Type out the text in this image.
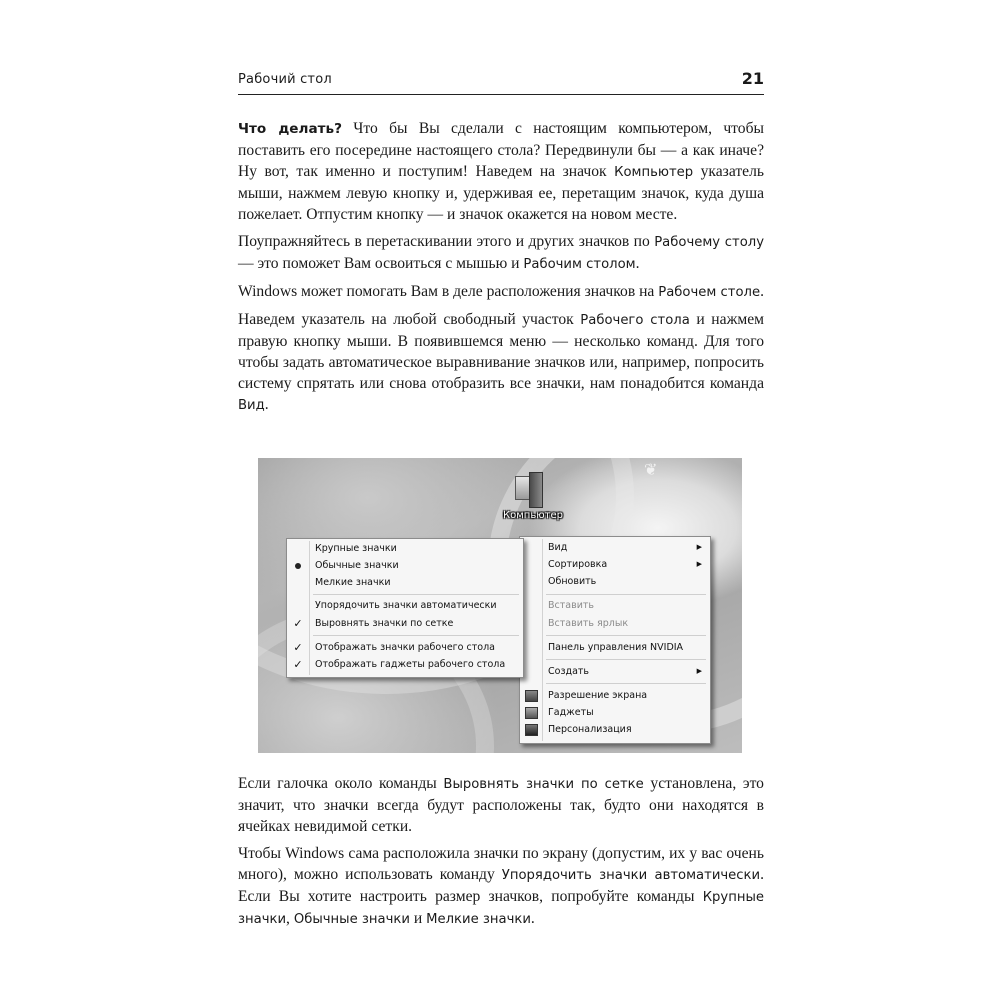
Рабочий стол	21

Что делать? Что бы Вы сделали с настоящим компьютером, чтобы поставить его посередине настоящего стола? Передвинули бы — а как иначе? Ну вот, так именно и поступим! Наведем на значок Компьютер указатель мыши, нажмем левую кнопку и, удерживая ее, перетащим значок, куда душа пожелает. Отпустим кнопку — и значок окажется на новом месте.

Поупражняйтесь в перетаскивании этого и других значков по Рабочему столу — это поможет Вам освоиться с мышью и Рабочим столом.

Windows может помогать Вам в деле расположения значков на Рабочем столе.

Наведем указатель на любой свободный участок Рабочего стола и нажмем правую кнопку мыши. В появившемся меню — несколько команд. Для того чтобы задать автоматическое выравнивание значков или, например, попросить систему спрятать или снова отобразить все значки, нам понадобится команда Вид.

❦
Компьютер
Вид	▶
Сортировка	▶
Обновить
Вставить
Вставить ярлык
Панель управления NVIDIA
Создать	▶
Разрешение экрана
Гаджеты
Персонализация
Крупные значки
Обычные значки
Мелкие значки
Упорядочить значки автоматически
✓ Выровнять значки по сетке
✓ Отображать значки рабочего стола
✓ Отображать гаджеты рабочего стола

Если галочка около команды Выровнять значки по сетке установлена, это значит, что значки всегда будут расположены так, будто они находятся в ячейках невидимой сетки.

Чтобы Windows сама расположила значки по экрану (допустим, их у вас очень много), можно использовать команду Упорядочить значки автоматически. Если Вы хотите настроить размер значков, попробуйте команды Крупные значки, Обычные значки и Мелкие значки.
